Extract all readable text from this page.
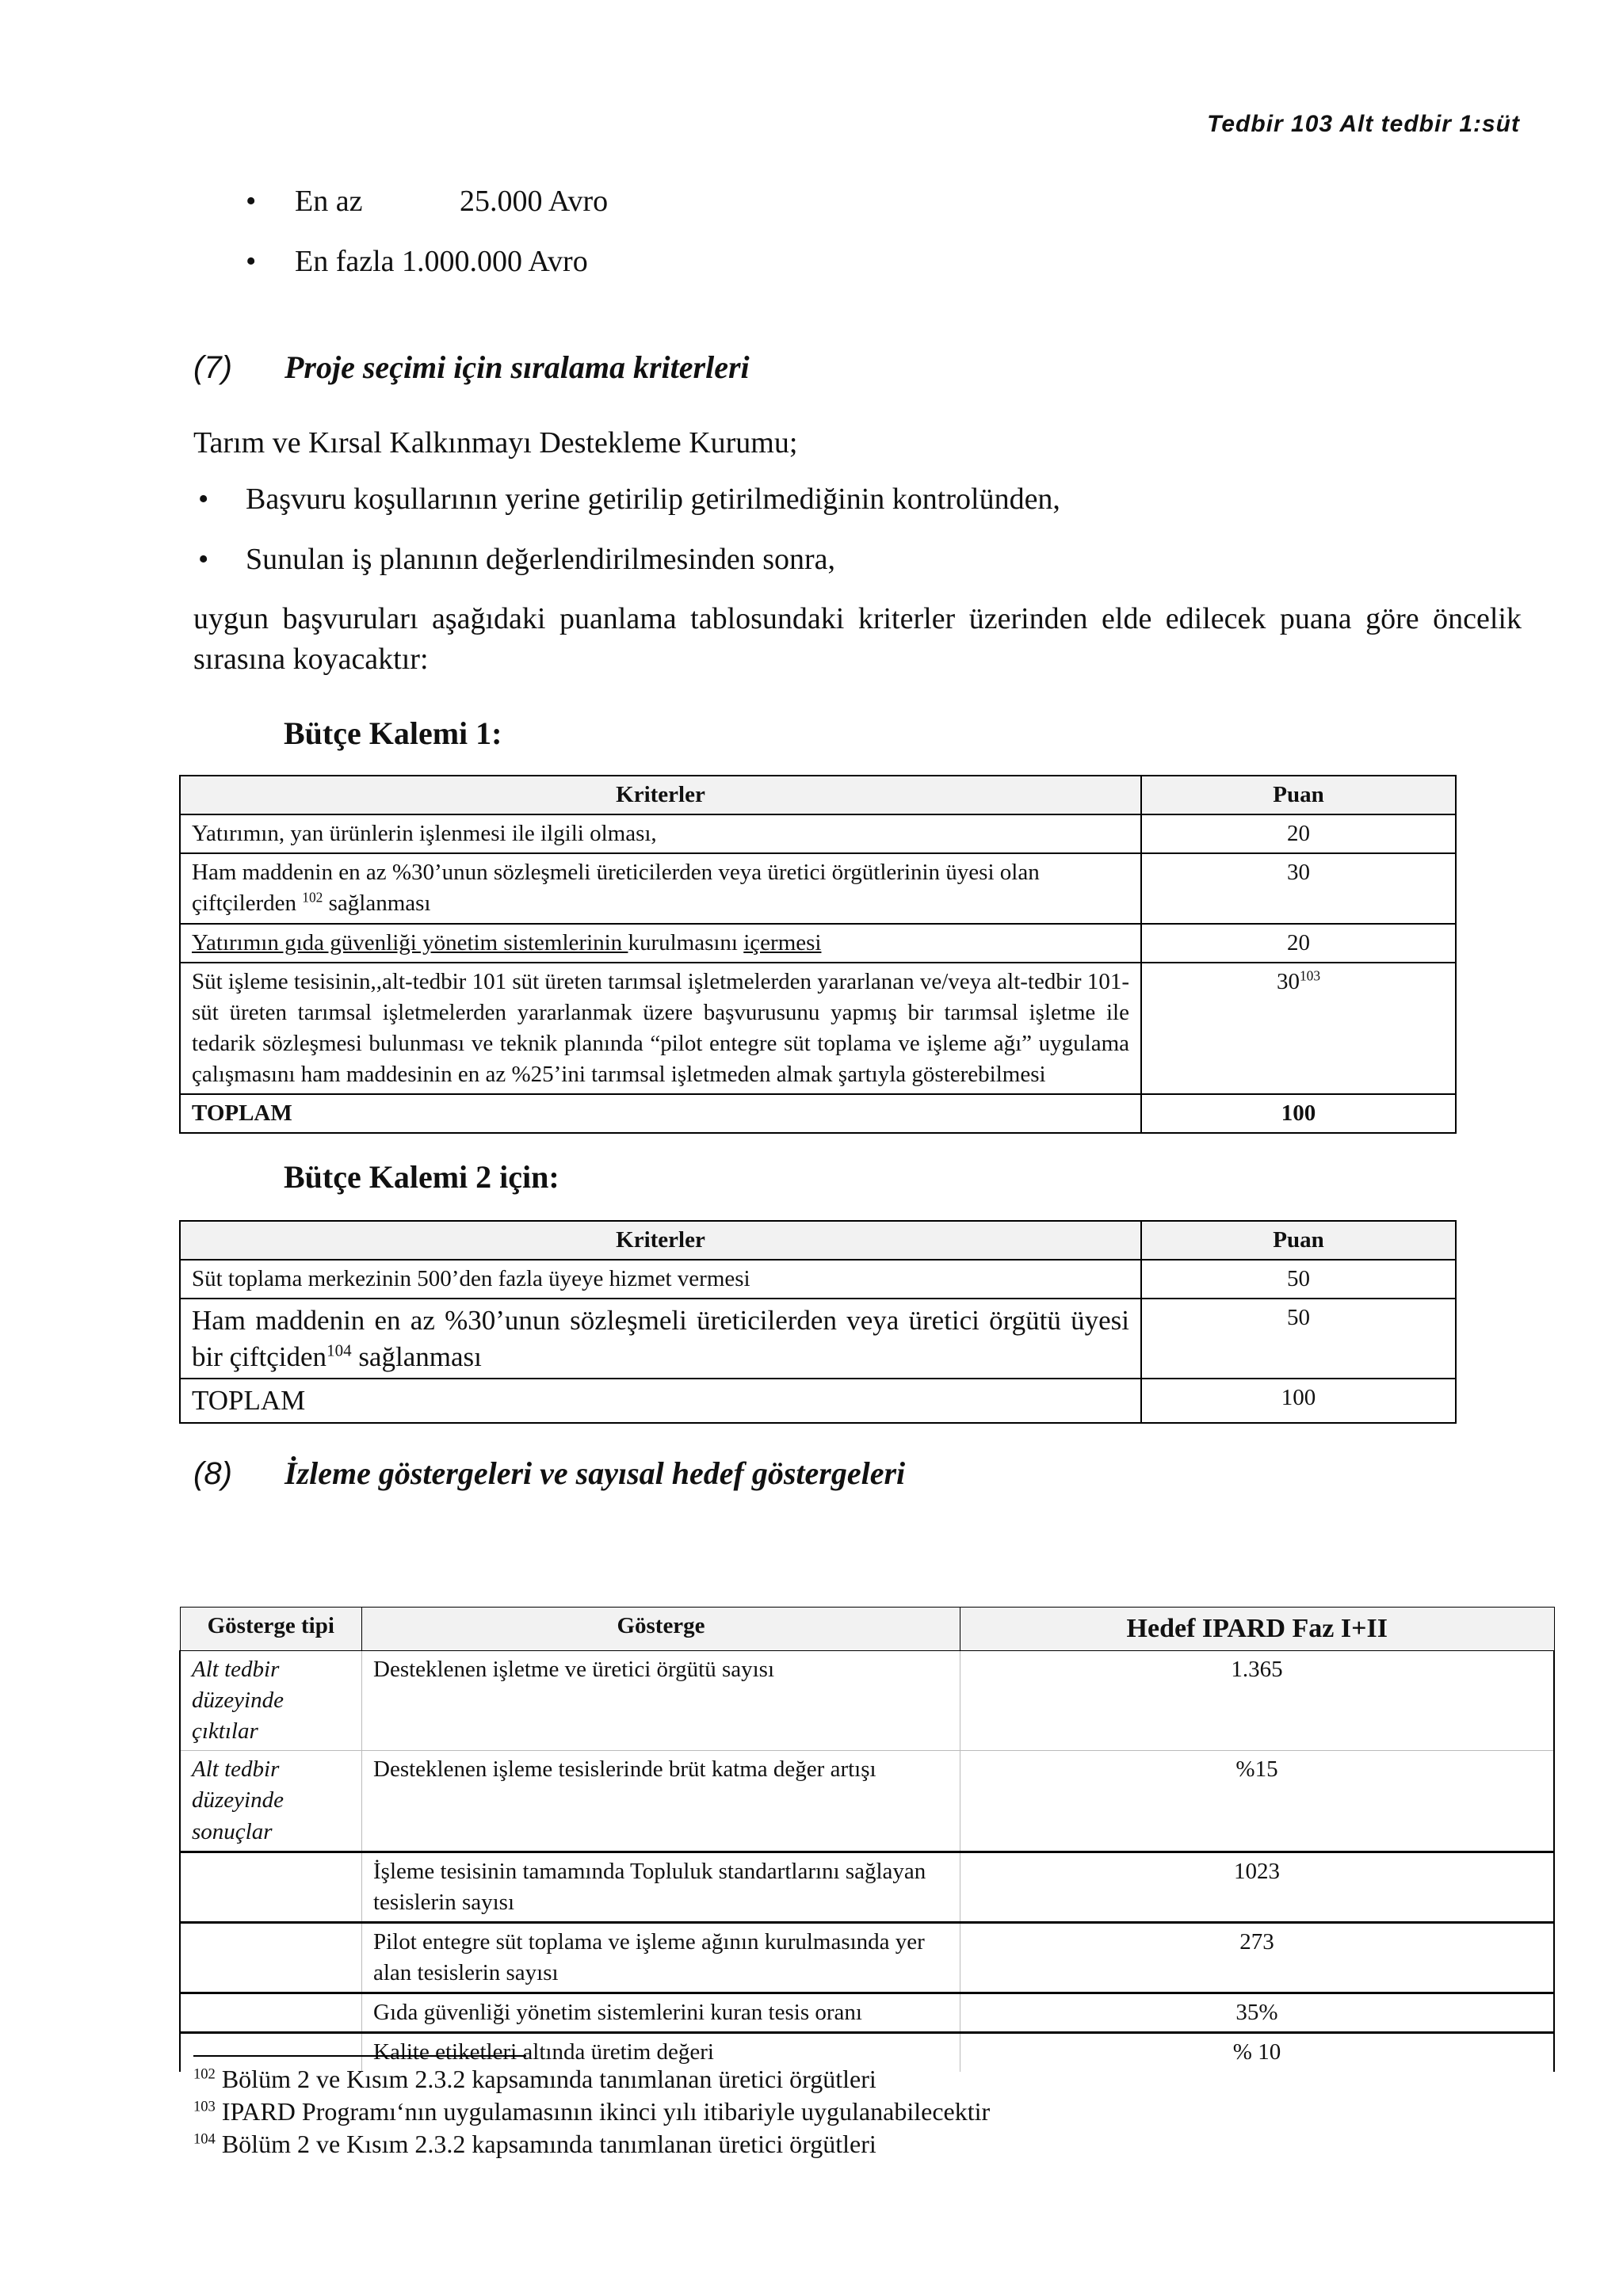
Tedbir 103 Alt tedbir 1:süt
• En az	25.000 Avro
• En fazla 1.000.000 Avro
(7) Proje seçimi için sıralama kriterleri
Tarım ve Kırsal Kalkınmayı Destekleme Kurumu;
• Başvuru koşullarının yerine getirilip getirilmediğinin kontrolünden,
• Sunulan iş planının değerlendirilmesinden sonra,
uygun başvuruları aşağıdaki puanlama tablosundaki kriterler üzerinden elde edilecek puana göre öncelik sırasına koyacaktır:
Bütçe Kalemi 1:
Kriterler	Puan
Yatırımın, yan ürünlerin işlenmesi ile ilgili olması,	20
Ham maddenin en az %30’unun sözleşmeli üreticilerden veya üretici örgütlerinin üyesi olan çiftçilerden $^{102}$ sağlanması	30
Yatırımın gıda güvenliği yönetim sistemlerinin kurulmasını içermesi	20
Süt işleme tesisinin,,alt-tedbir 101 süt üreten tarımsal işletmelerden yararlanan ve/veya alt-tedbir 101-süt üreten tarımsal işletmelerden yararlanmak üzere başvurusunu yapmış bir tarımsal işletme ile tedarik sözleşmesi bulunması ve teknik planında “pilot entegre süt toplama ve işleme ağı” uygulama çalışmasını ham maddesinin en az %25’ini tarımsal işletmeden almak şartıyla gösterebilmesi	$30^{103}$
TOPLAM	100
Bütçe Kalemi 2 için:
Kriterler	Puan
Süt toplama merkezinin 500’den fazla üyeye hizmet vermesi	50
Ham maddenin en az %30’unun sözleşmeli üreticilerden veya üretici örgütü üyesi bir çiftçiden$^{104}$ sağlanması	50
TOPLAM	100
(8) İzleme göstergeleri ve sayısal hedef göstergeleri
Gösterge tipi	Gösterge	Hedef IPARD Faz I+II
Alt tedbir düzeyinde çıktılar	Desteklenen işletme ve üretici örgütü sayısı	1.365
Alt tedbir düzeyinde sonuçlar	Desteklenen işleme tesislerinde brüt katma değer artışı	%15
	İşleme tesisinin tamamında Topluluk standartlarını sağlayan tesislerin sayısı	1023
	Pilot entegre süt toplama ve işleme ağının kurulmasında yer alan tesislerin sayısı	273
	Gıda güvenliği yönetim sistemlerini kuran tesis oranı	35%
	Kalite etiketleri altında üretim değeri	% 10
$^{102}$ Bölüm 2 ve Kısım 2.3.2 kapsamında tanımlanan üretici örgütleri
$^{103}$ IPARD Programı‘nın uygulamasının ikinci yılı itibariyle uygulanabilecektir
$^{104}$ Bölüm 2 ve Kısım 2.3.2 kapsamında tanımlanan üretici örgütleri
